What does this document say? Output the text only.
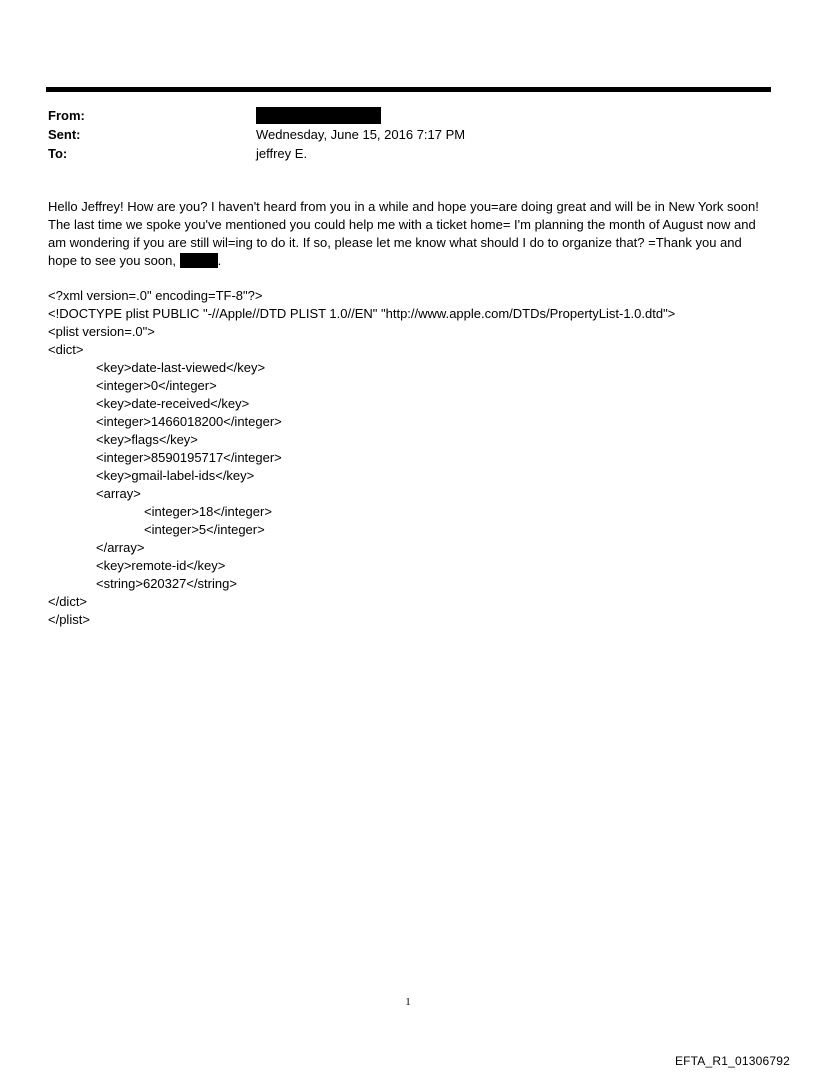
From:
Sent:	Wednesday, June 15, 2016 7:17 PM
To:	jeffrey E.

Hello Jeffrey! How are you? I haven't heard from you in a while and hope you=are doing great and will be in New York soon!

The last time we spoke you've mentioned you could help me with a ticket home= I'm planning the month of August now and am wondering if you are still wil=ing to do it. If so, please let me know what should I do to organize that? =Thank you and hope to see you soon,	.

<?xml version=.0" encoding=TF-8"?>
<!DOCTYPE plist PUBLIC "-//Apple//DTD PLIST 1.0//EN" "http://www.apple.com/DTDs/PropertyList-1.0.dtd">
<plist version=.0">
<dict>
<key>date-last-viewed</key>
<integer>0</integer>
<key>date-received</key>
<integer>1466018200</integer>
<key>flags</key>
<integer>8590195717</integer>
<key>gmail-label-ids</key>
<array>
<integer>18</integer>
<integer>5</integer>
</array>
<key>remote-id</key>
<string>620327</string>
</dict>
</plist>
1
EFTA_R1_01306792
